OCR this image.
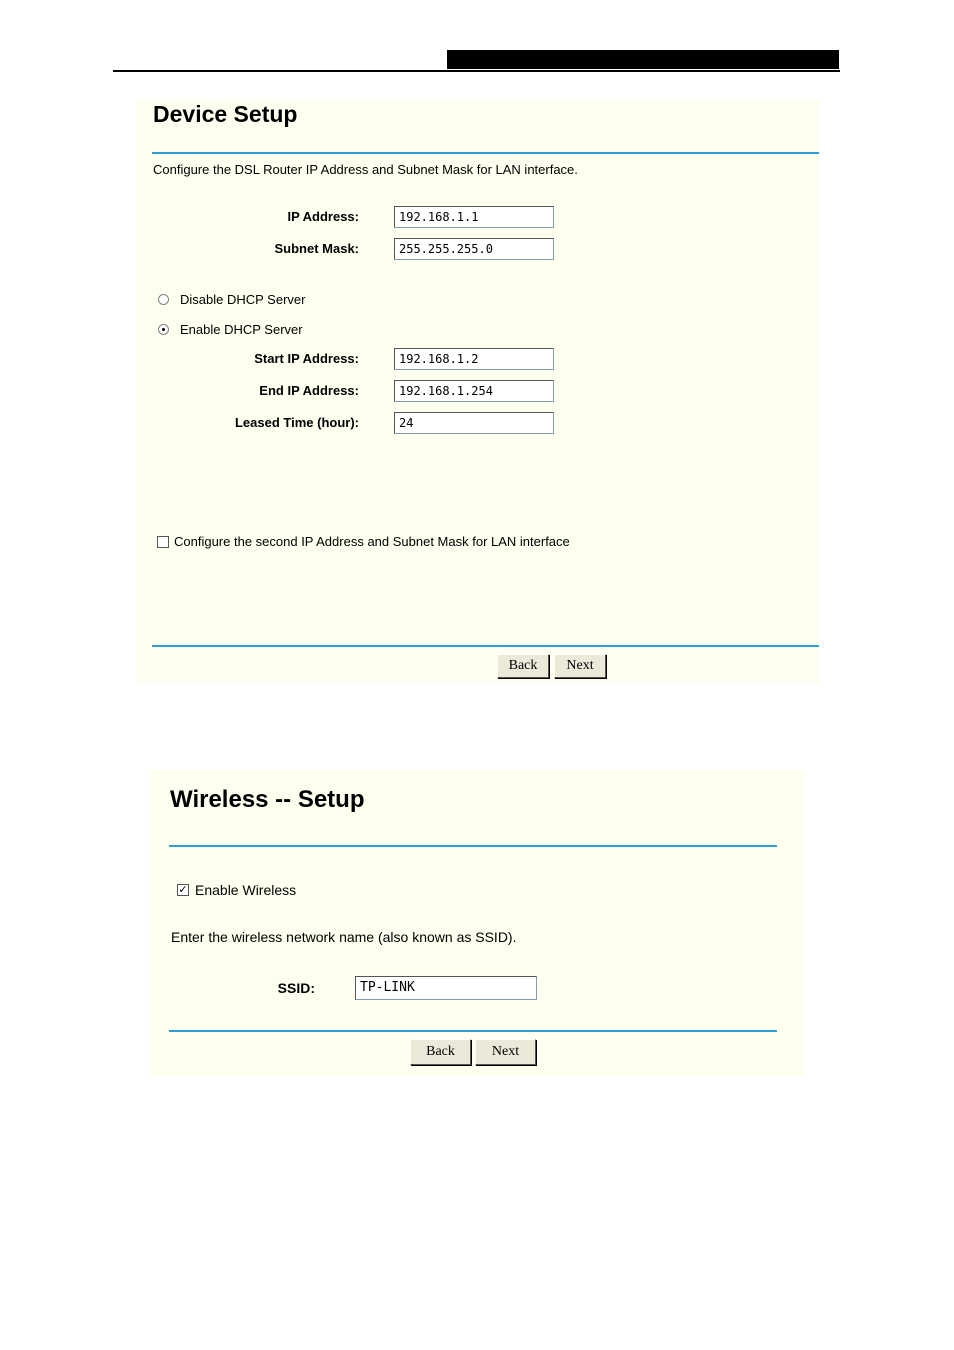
Device Setup
Configure the DSL Router IP Address and Subnet Mask for LAN interface.
IP Address:	192.168.1.1
Subnet Mask:	255.255.255.0
Disable DHCP Server
Enable DHCP Server
Start IP Address:	192.168.1.2
End IP Address:	192.168.1.254
Leased Time (hour):	24
Configure the second IP Address and Subnet Mask for LAN interface
Back	Next
Wireless -- Setup
✓ Enable Wireless
Enter the wireless network name (also known as SSID).
SSID:	TP-LINK
Back	Next
